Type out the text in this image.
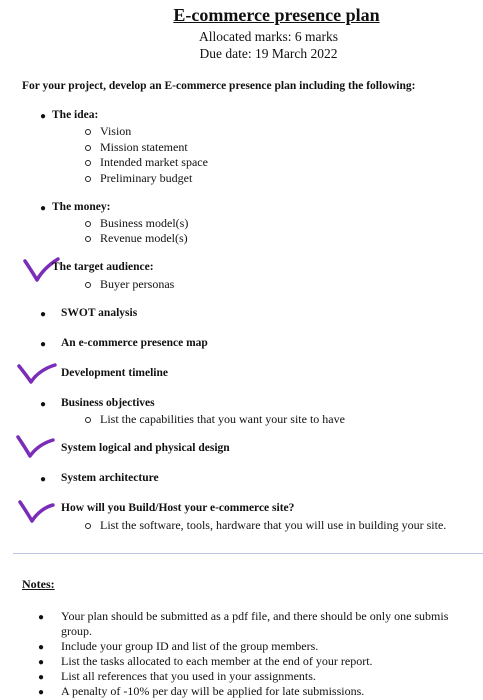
E-commerce presence plan
Allocated marks: 6 marks
Due date: 19 March 2022
For your project, develop an E-commerce presence plan including the following:
● The idea:
Vision
Mission statement
Intended market space
Preliminary budget
● The money:
Business model(s)
Revenue model(s)
The target audience:
Buyer personas
● SWOT analysis
● An e-commerce presence map
Development timeline
● Business objectives
List the capabilities that you want your site to have
System logical and physical design
● System architecture
How will you Build/Host your e-commerce site?
List the software, tools, hardware that you will use in building your site.
Notes:
● Your plan should be submitted as a pdf file, and there should be only one submis
group.
● Include your group ID and list of the group members.
● List the tasks allocated to each member at the end of your report.
● List all references that you used in your assignments.
● A penalty of -10% per day will be applied for late submissions.
